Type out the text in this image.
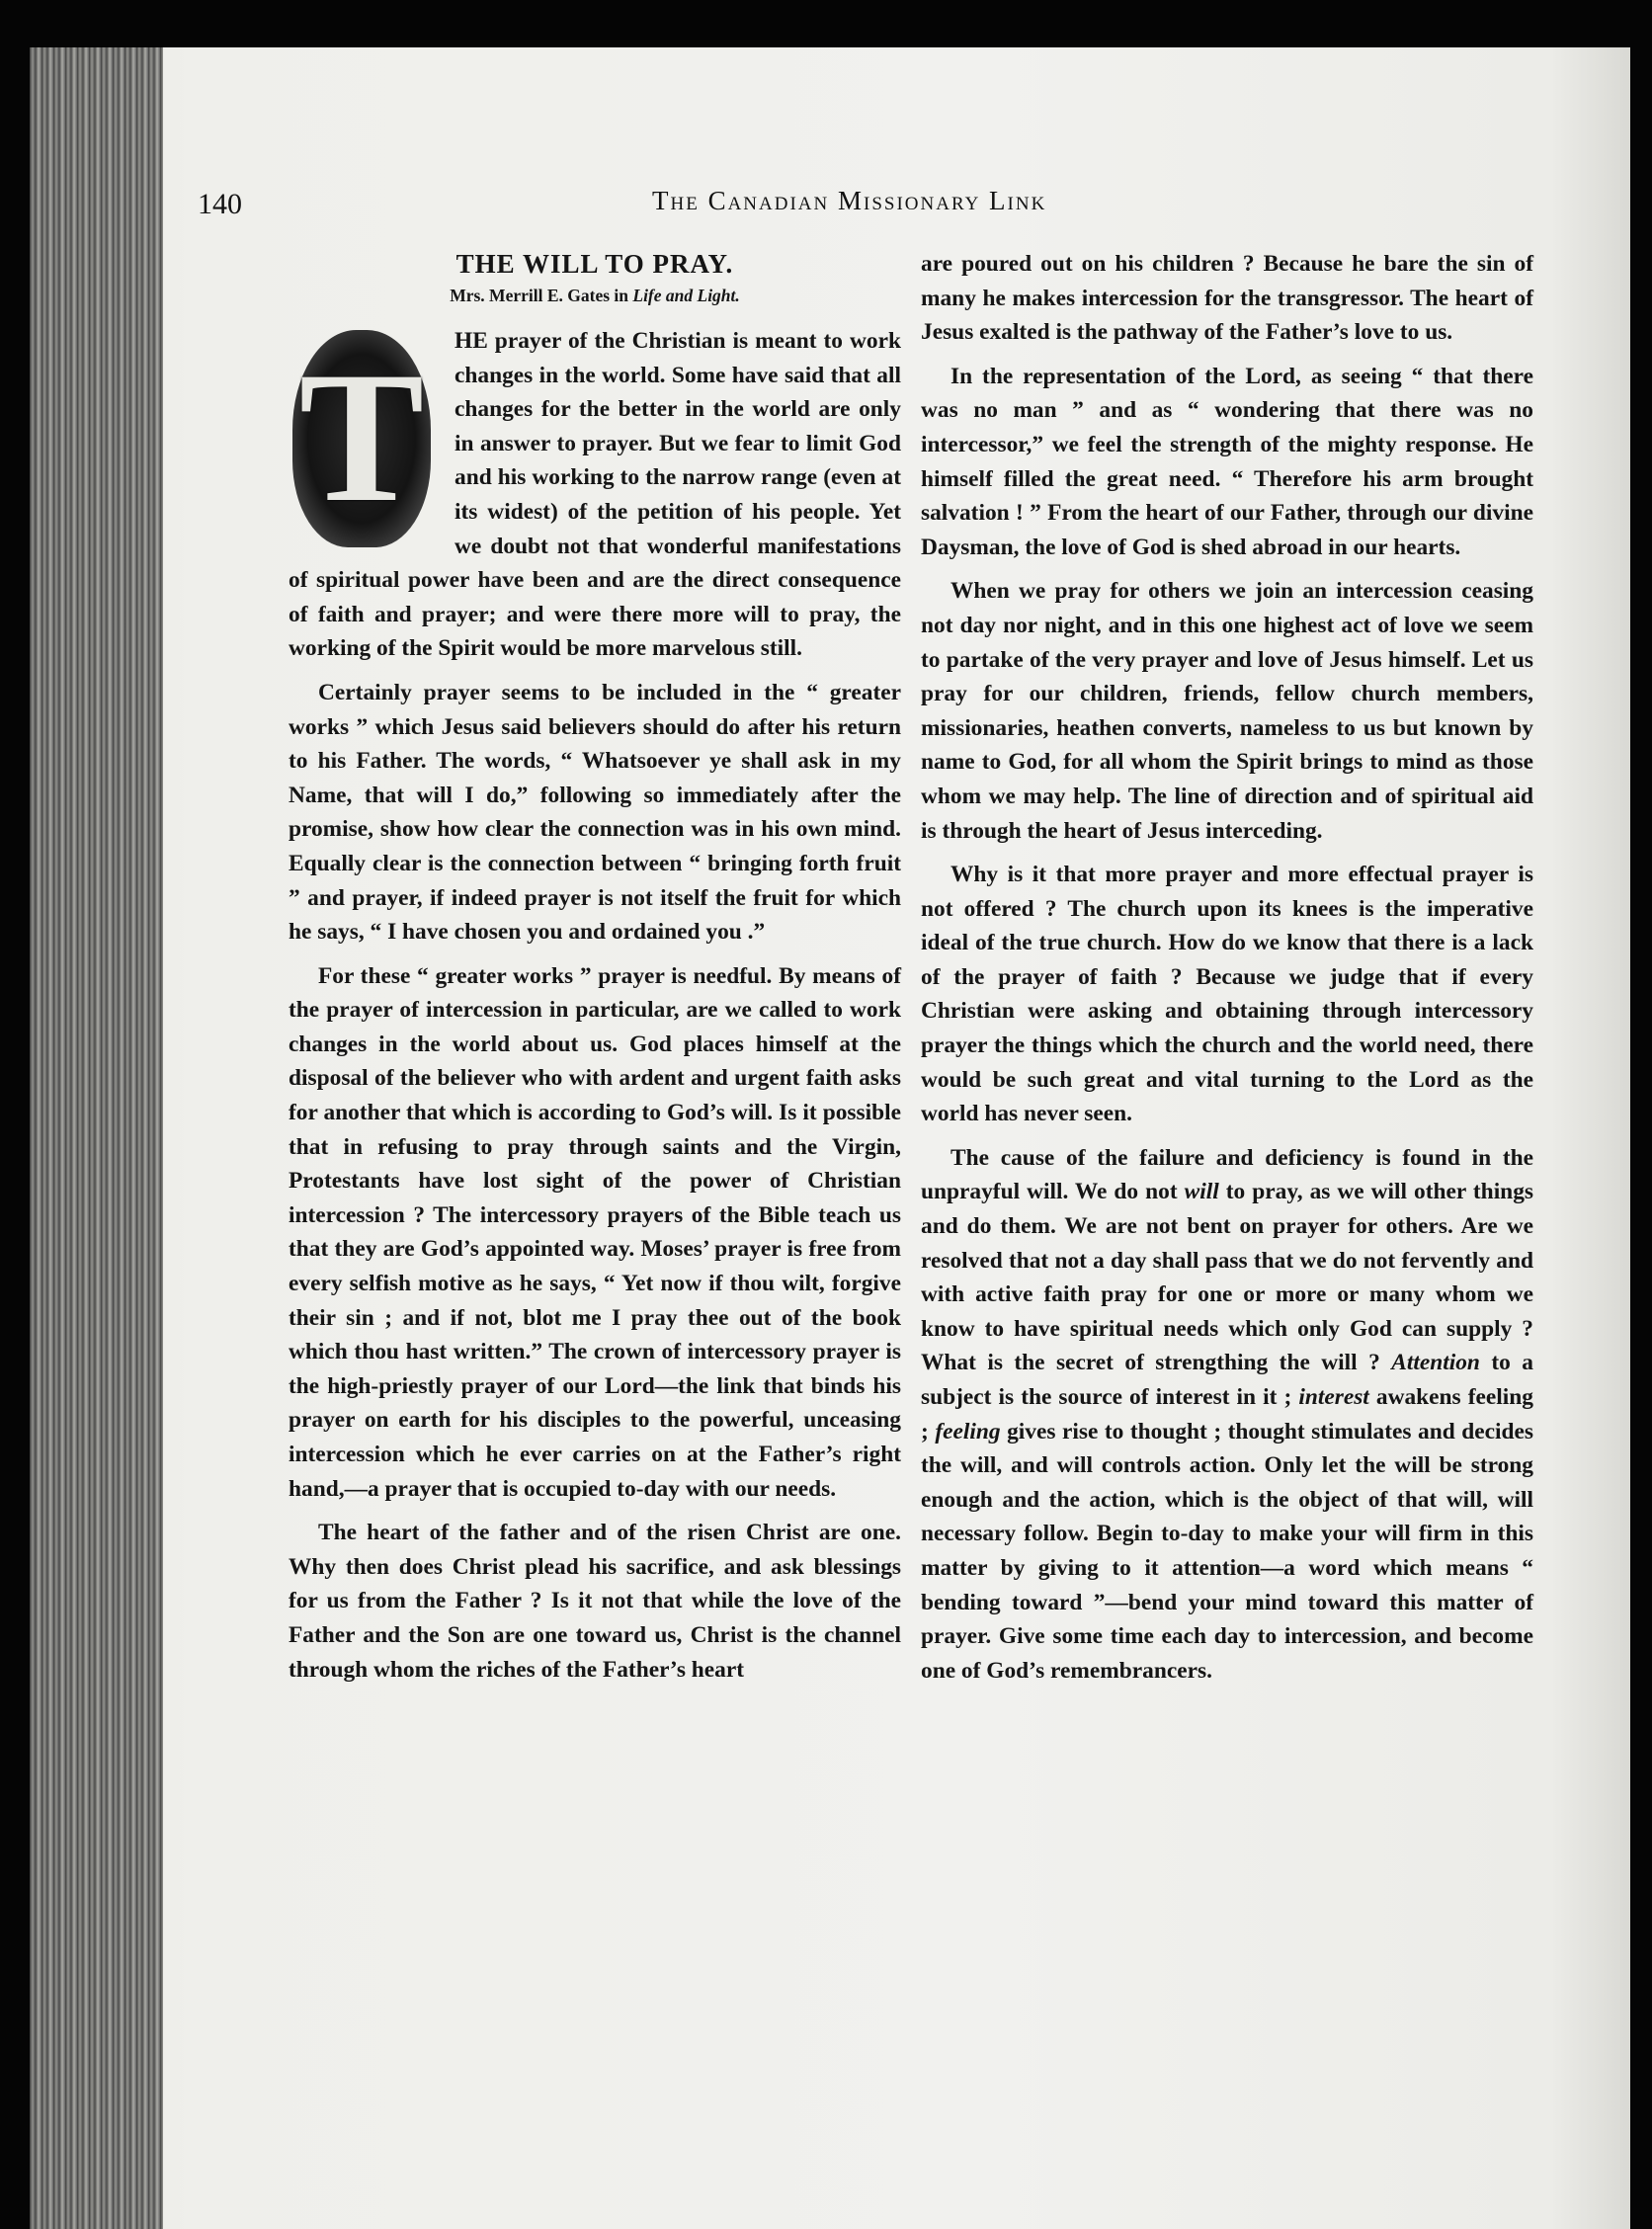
140	The Canadian Missionary Link
THE WILL TO PRAY.
Mrs. Merrill E. Gates in Life and Light.

T	HE prayer of the Christian is meant to work changes in the world. Some have said that all changes for the better in the world are only in answer to prayer. But we fear to limit God and his working to the narrow range (even at its widest) of the petition of his people. Yet we doubt not that wonderful manifestations of spiritual power have been and are the direct consequence of faith and prayer; and were there more will to pray, the working of the Spirit would be more marvelous still.

Certainly prayer seems to be included in the “ greater works ” which Jesus said believers should do after his return to his Father. The words, “ Whatsoever ye shall ask in my Name, that will I do,” following so immediately after the promise, show how clear the connection was in his own mind. Equally clear is the connection between “ bringing forth fruit ” and prayer, if indeed prayer is not itself the fruit for which he says, “ I have chosen you and ordained you .”

For these “ greater works ” prayer is needful. By means of the prayer of intercession in particular, are we called to work changes in the world about us. God places himself at the disposal of the believer who with ardent and urgent faith asks for another that which is according to God’s will. Is it possible that in refusing to pray through saints and the Virgin, Protestants have lost sight of the power of Christian intercession ? The intercessory prayers of the Bible teach us that they are God’s appointed way. Moses’ prayer is free from every selfish motive as he says, “ Yet now if thou wilt, forgive their sin ; and if not, blot me I pray thee out of the book which thou hast written.” The crown of intercessory prayer is the high-priestly prayer of our Lord—the link that binds his prayer on earth for his disciples to the powerful, unceasing intercession which he ever carries on at the Father’s right hand,—a prayer that is occupied to-day with our needs.

The heart of the father and of the risen Christ are one. Why then does Christ plead his sacrifice, and ask blessings for us from the Father ? Is it not that while the love of the Father and the Son are one toward us, Christ is the channel through whom the riches of the Father’s heart

are poured out on his children ? Because he bare the sin of many he makes intercession for the transgressor. The heart of Jesus exalted is the pathway of the Father’s love to us.

In the representation of the Lord, as seeing “ that there was no man ” and as “ wondering that there was no intercessor,” we feel the strength of the mighty response. He himself filled the great need. “ Therefore his arm brought salvation ! ” From the heart of our Father, through our divine Daysman, the love of God is shed abroad in our hearts.

When we pray for others we join an intercession ceasing not day nor night, and in this one highest act of love we seem to partake of the very prayer and love of Jesus himself. Let us pray for our children, friends, fellow church members, missionaries, heathen converts, nameless to us but known by name to God, for all whom the Spirit brings to mind as those whom we may help. The line of direction and of spiritual aid is through the heart of Jesus interceding.

Why is it that more prayer and more effectual prayer is not offered ? The church upon its knees is the imperative ideal of the true church. How do we know that there is a lack of the prayer of faith ? Because we judge that if every Christian were asking and obtaining through intercessory prayer the things which the church and the world need, there would be such great and vital turning to the Lord as the world has never seen.

The cause of the failure and deficiency is found in the unprayful will. We do not will to pray, as we will other things and do them. We are not bent on prayer for others. Are we resolved that not a day shall pass that we do not fervently and with active faith pray for one or more or many whom we know to have spiritual needs which only God can supply ? What is the secret of strengthing the will ? Attention to a subject is the source of interest in it ; interest awakens feeling ; feeling gives rise to thought ; thought stimulates and decides the will, and will controls action. Only let the will be strong enough and the action, which is the object of that will, will necessary follow. Begin to-day to make your will firm in this matter by giving to it attention—a word which means “ bending toward ”—bend your mind toward this matter of prayer. Give some time each day to intercession, and become one of God’s remembrancers.
